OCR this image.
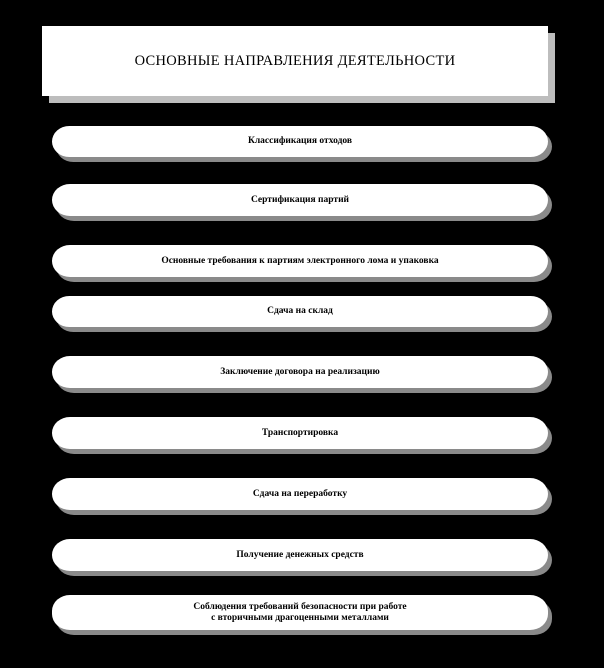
ОСНОВНЫЕ НАПРАВЛЕНИЯ ДЕЯТЕЛЬНОСТИ
Классификация отходов
Сертификация партий
Основные требования к партиям электронного лома и упаковка
Сдача на склад
Заключение договора на реализацию
Транспортировка
Сдача на переработку
Получение денежных средств
Соблюдения требований безопасности при работе
с вторичными драгоценными металлами
